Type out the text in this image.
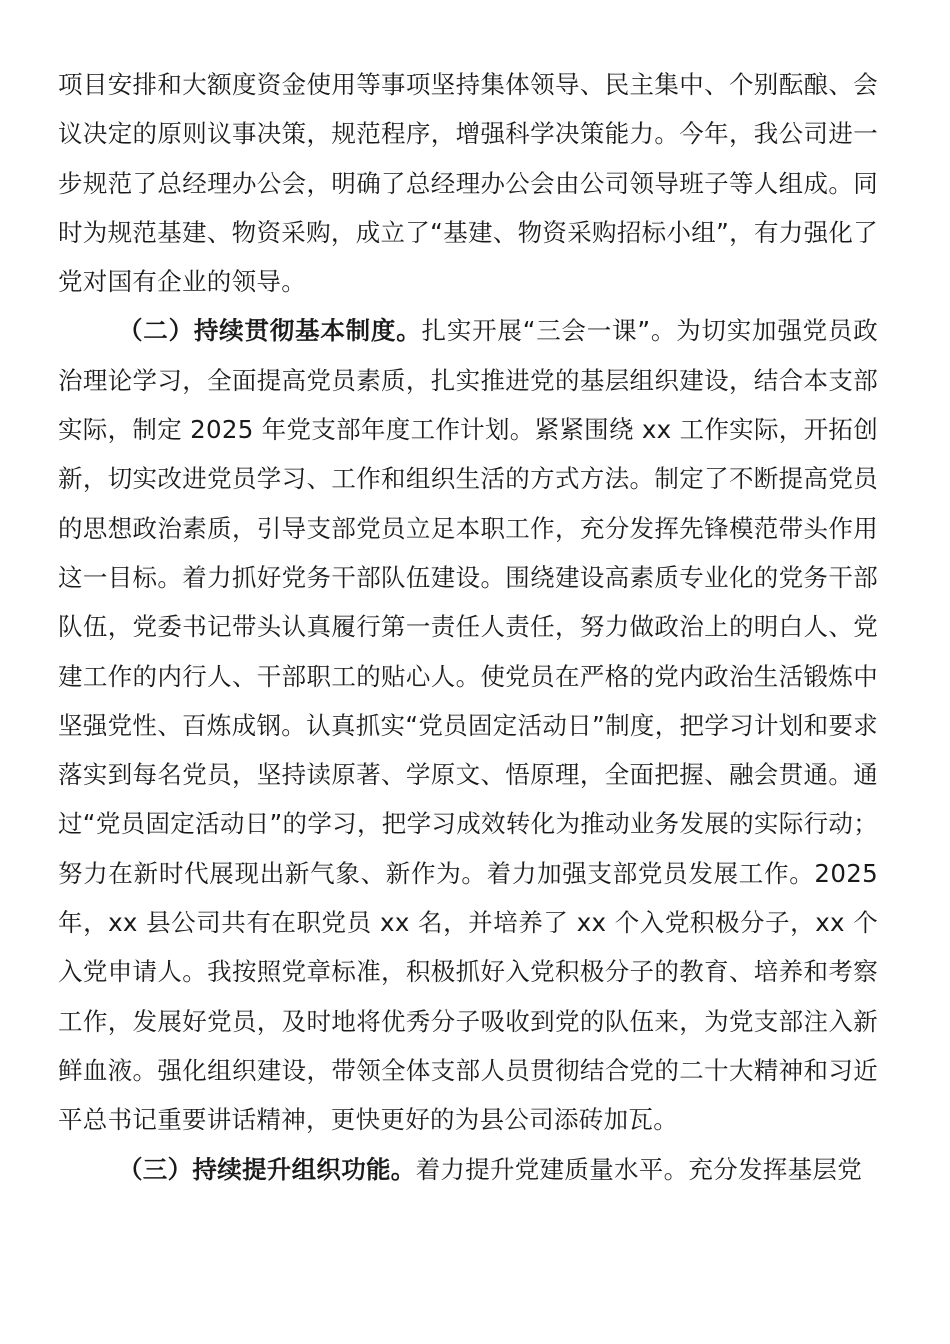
项目安排和大额度资金使用等事项坚持集体领导、民主集中、个别酝酿、会议决定的原则议事决策，规范程序，增强科学决策能力。今年，我公司进一步规范了总经理办公会，明确了总经理办公会由公司领导班子等人组成。同时为规范基建、物资采购，成立了“基建、物资采购招标小组”，有力强化了党对国有企业的领导。

（二）持续贯彻基本制度。扎实开展“三会一课”。为切实加强党员政治理论学习，全面提高党员素质，扎实推进党的基层组织建设，结合本支部实际，制定 2025 年党支部年度工作计划。紧紧围绕 xx 工作实际，开拓创新，切实改进党员学习、工作和组织生活的方式方法。制定了不断提高党员的思想政治素质，引导支部党员立足本职工作，充分发挥先锋模范带头作用这一目标。着力抓好党务干部队伍建设。围绕建设高素质专业化的党务干部队伍，党委书记带头认真履行第一责任人责任，努力做政治上的明白人、党建工作的内行人、干部职工的贴心人。使党员在严格的党内政治生活锻炼中坚强党性、百炼成钢。认真抓实“党员固定活动日”制度，把学习计划和要求落实到每名党员，坚持读原著、学原文、悟原理，全面把握、融会贯通。通过“党员固定活动日”的学习，把学习成效转化为推动业务发展的实际行动；努力在新时代展现出新气象、新作为。着力加强支部党员发展工作。2025 年，xx 县公司共有在职党员 xx 名，并培养了 xx 个入党积极分子，xx 个入党申请人。我按照党章标准，积极抓好入党积极分子的教育、培养和考察工作，发展好党员，及时地将优秀分子吸收到党的队伍来，为党支部注入新鲜血液。强化组织建设，带领全体支部人员贯彻结合党的二十大精神和习近平总书记重要讲话精神，更快更好的为县公司添砖加瓦。

（三）持续提升组织功能。着力提升党建质量水平。充分发挥基层党
